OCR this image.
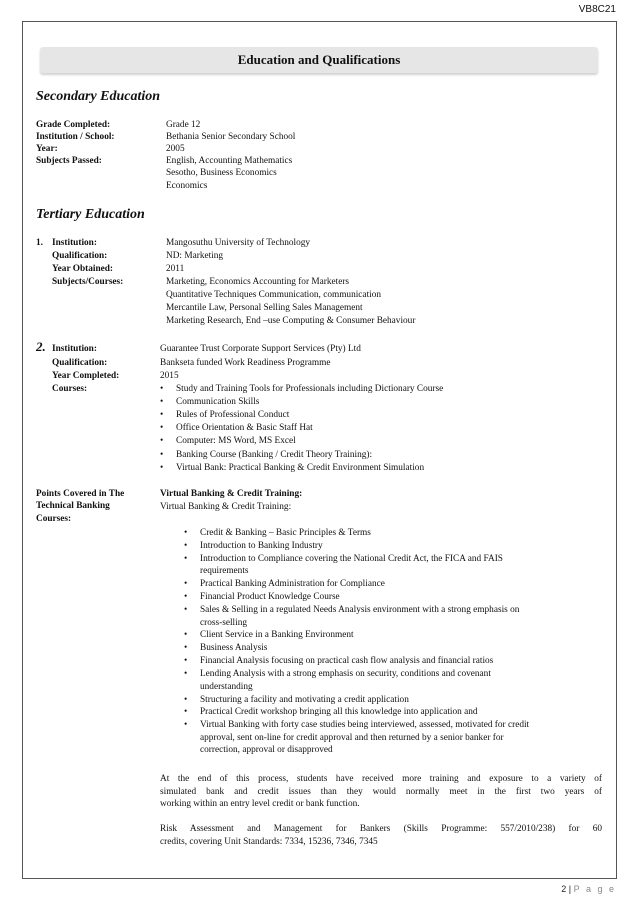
VB8C21
Education and Qualifications
Secondary Education
Grade Completed:	Grade 12
Institution / School:	Bethania Senior Secondary School
Year:	2005
Subjects Passed:	English, Accounting Mathematics
Sesotho, Business Economics
Economics
Tertiary Education
1. Institution:	Mangosuthu University of Technology
Qualification:	ND: Marketing
Year Obtained:	2011
Subjects/Courses:	Marketing, Economics Accounting for Marketers
Quantitative Techniques Communication, communication
Mercantile Law, Personal Selling Sales Management
Marketing Research, End –use Computing & Consumer Behaviour
2. Institution:	Guarantee Trust Corporate Support Services (Pty) Ltd
Qualification:	Bankseta funded Work Readiness Programme
Year Completed:	2015
Courses:	• Study and Training Tools for Professionals including Dictionary Course
• Communication Skills
• Rules of Professional Conduct
• Office Orientation & Basic Staff Hat
• Computer: MS Word, MS Excel
• Banking Course (Banking / Credit Theory Training):
• Virtual Bank: Practical Banking & Credit Environment Simulation
Points Covered in The
Technical Banking
Courses:
Virtual Banking & Credit Training:
Virtual Banking & Credit Training:
• Credit & Banking – Basic Principles & Terms
• Introduction to Banking Industry
• Introduction to Compliance covering the National Credit Act, the FICA and FAIS
requirements
• Practical Banking Administration for Compliance
• Financial Product Knowledge Course
• Sales & Selling in a regulated Needs Analysis environment with a strong emphasis on
cross-selling
• Client Service in a Banking Environment
• Business Analysis
• Financial Analysis focusing on practical cash flow analysis and financial ratios
• Lending Analysis with a strong emphasis on security, conditions and covenant
understanding
• Structuring a facility and motivating a credit application
• Practical Credit workshop bringing all this knowledge into application and
• Virtual Banking with forty case studies being interviewed, assessed, motivated for credit
approval, sent on-line for credit approval and then returned by a senior banker for
correction, approval or disapproved
At the end of this process, students have received more training and exposure to a variety of
simulated bank and credit issues than they would normally meet in the first two years of
working within an entry level credit or bank function.
Risk Assessment and Management for Bankers (Skills Programme: 557/2010/238) for 60
credits, covering Unit Standards: 7334, 15236, 7346, 7345
2 | P a g e
